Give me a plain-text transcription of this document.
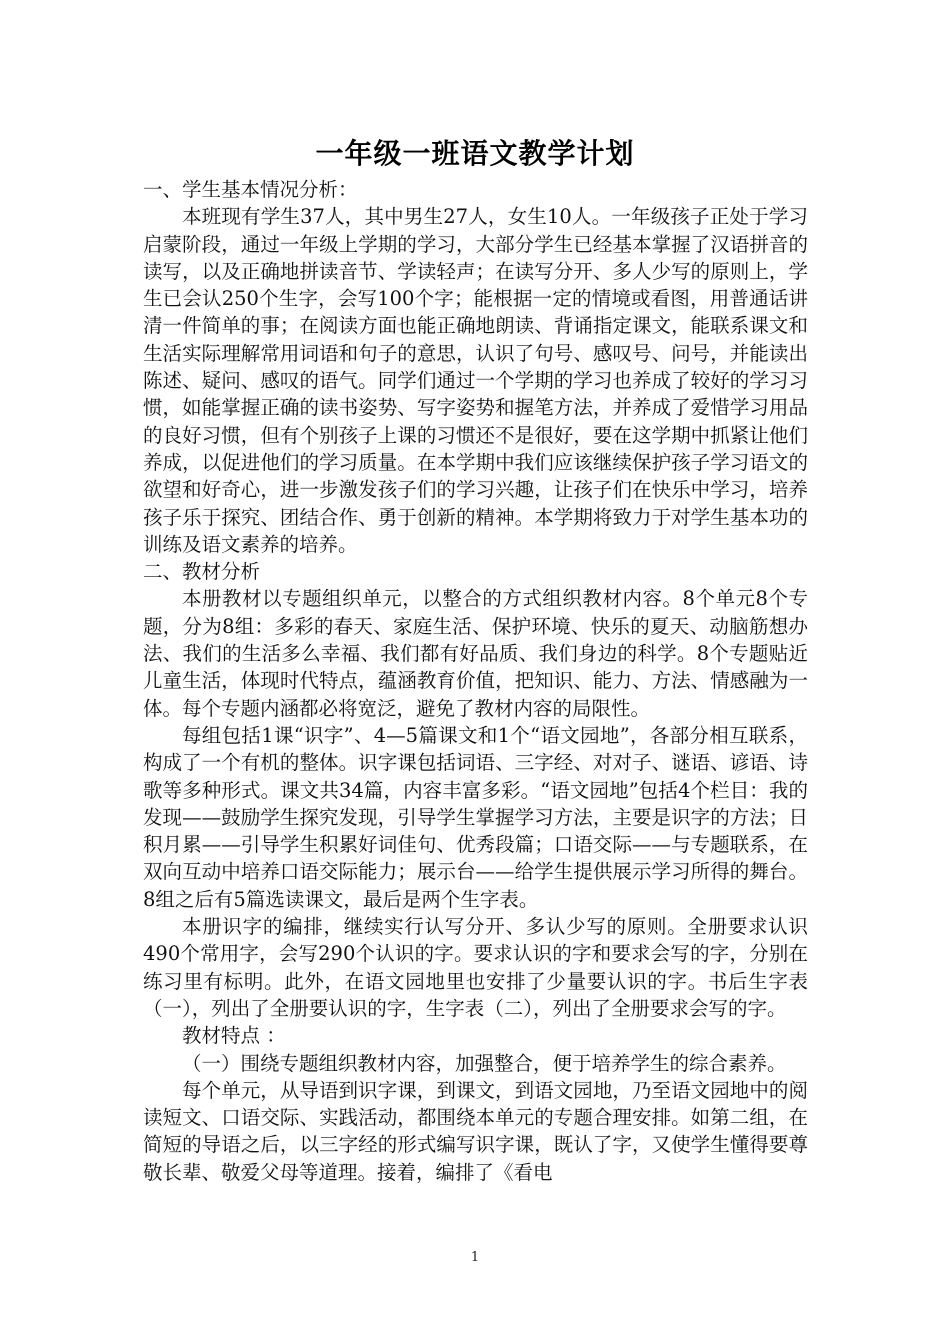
一年级一班语文教学计划

一、学生基本情况分析：

本班现有学生37人，其中男生27人，女生10人。一年级孩子正处于学习启蒙阶段，通过一年级上学期的学习，大部分学生已经基本掌握了汉语拼音的读写，以及正确地拼读音节、学读轻声；在读写分开、多人少写的原则上，学生已会认250个生字，会写100个字；能根据一定的情境或看图，用普通话讲清一件简单的事；在阅读方面也能正确地朗读、背诵指定课文，能联系课文和生活实际理解常用词语和句子的意思，认识了句号、感叹号、问号，并能读出陈述、疑问、感叹的语气。同学们通过一个学期的学习也养成了较好的学习习惯，如能掌握正确的读书姿势、写字姿势和握笔方法，并养成了爱惜学习用品的良好习惯，但有个别孩子上课的习惯还不是很好，要在这学期中抓紧让他们养成，以促进他们的学习质量。在本学期中我们应该继续保护孩子学习语文的欲望和好奇心，进一步激发孩子们的学习兴趣，让孩子们在快乐中学习，培养孩子乐于探究、团结合作、勇于创新的精神。本学期将致力于对学生基本功的训练及语文素养的培养。

二、教材分析

本册教材以专题组织单元，以整合的方式组织教材内容。8个单元8个专题，分为8组：多彩的春天、家庭生活、保护环境、快乐的夏天、动脑筋想办法、我们的生活多么幸福、我们都有好品质、我们身边的科学。8个专题贴近儿童生活，体现时代特点，蕴涵教育价值，把知识、能力、方法、情感融为一体。每个专题内涵都必将宽泛，避免了教材内容的局限性。

每组包括1课“识字”、4—5篇课文和1个“语文园地”，各部分相互联系，构成了一个有机的整体。识字课包括词语、三字经、对对子、谜语、谚语、诗歌等多种形式。课文共34篇，内容丰富多彩。“语文园地”包括4个栏目：我的发现——鼓励学生探究发现，引导学生掌握学习方法，主要是识字的方法；日积月累——引导学生积累好词佳句、优秀段篇；口语交际——与专题联系，在双向互动中培养口语交际能力；展示台——给学生提供展示学习所得的舞台。8组之后有5篇选读课文，最后是两个生字表。

本册识字的编排，继续实行认写分开、多认少写的原则。全册要求认识490个常用字，会写290个认识的字。要求认识的字和要求会写的字，分别在练习里有标明。此外，在语文园地里也安排了少量要认识的字。书后生字表（一），列出了全册要认识的字，生字表（二），列出了全册要求会写的字。

教材特点 ：

（一）围绕专题组织教材内容，加强整合，便于培养学生的综合素养。

每个单元，从导语到识字课，到课文，到语文园地，乃至语文园地中的阅读短文、口语交际、实践活动，都围绕本单元的专题合理安排。如第二组，在简短的导语之后，以三字经的形式编写识字课，既认了字，又使学生懂得要尊敬长辈、敬爱父母等道理。接着，编排了《看电

1
